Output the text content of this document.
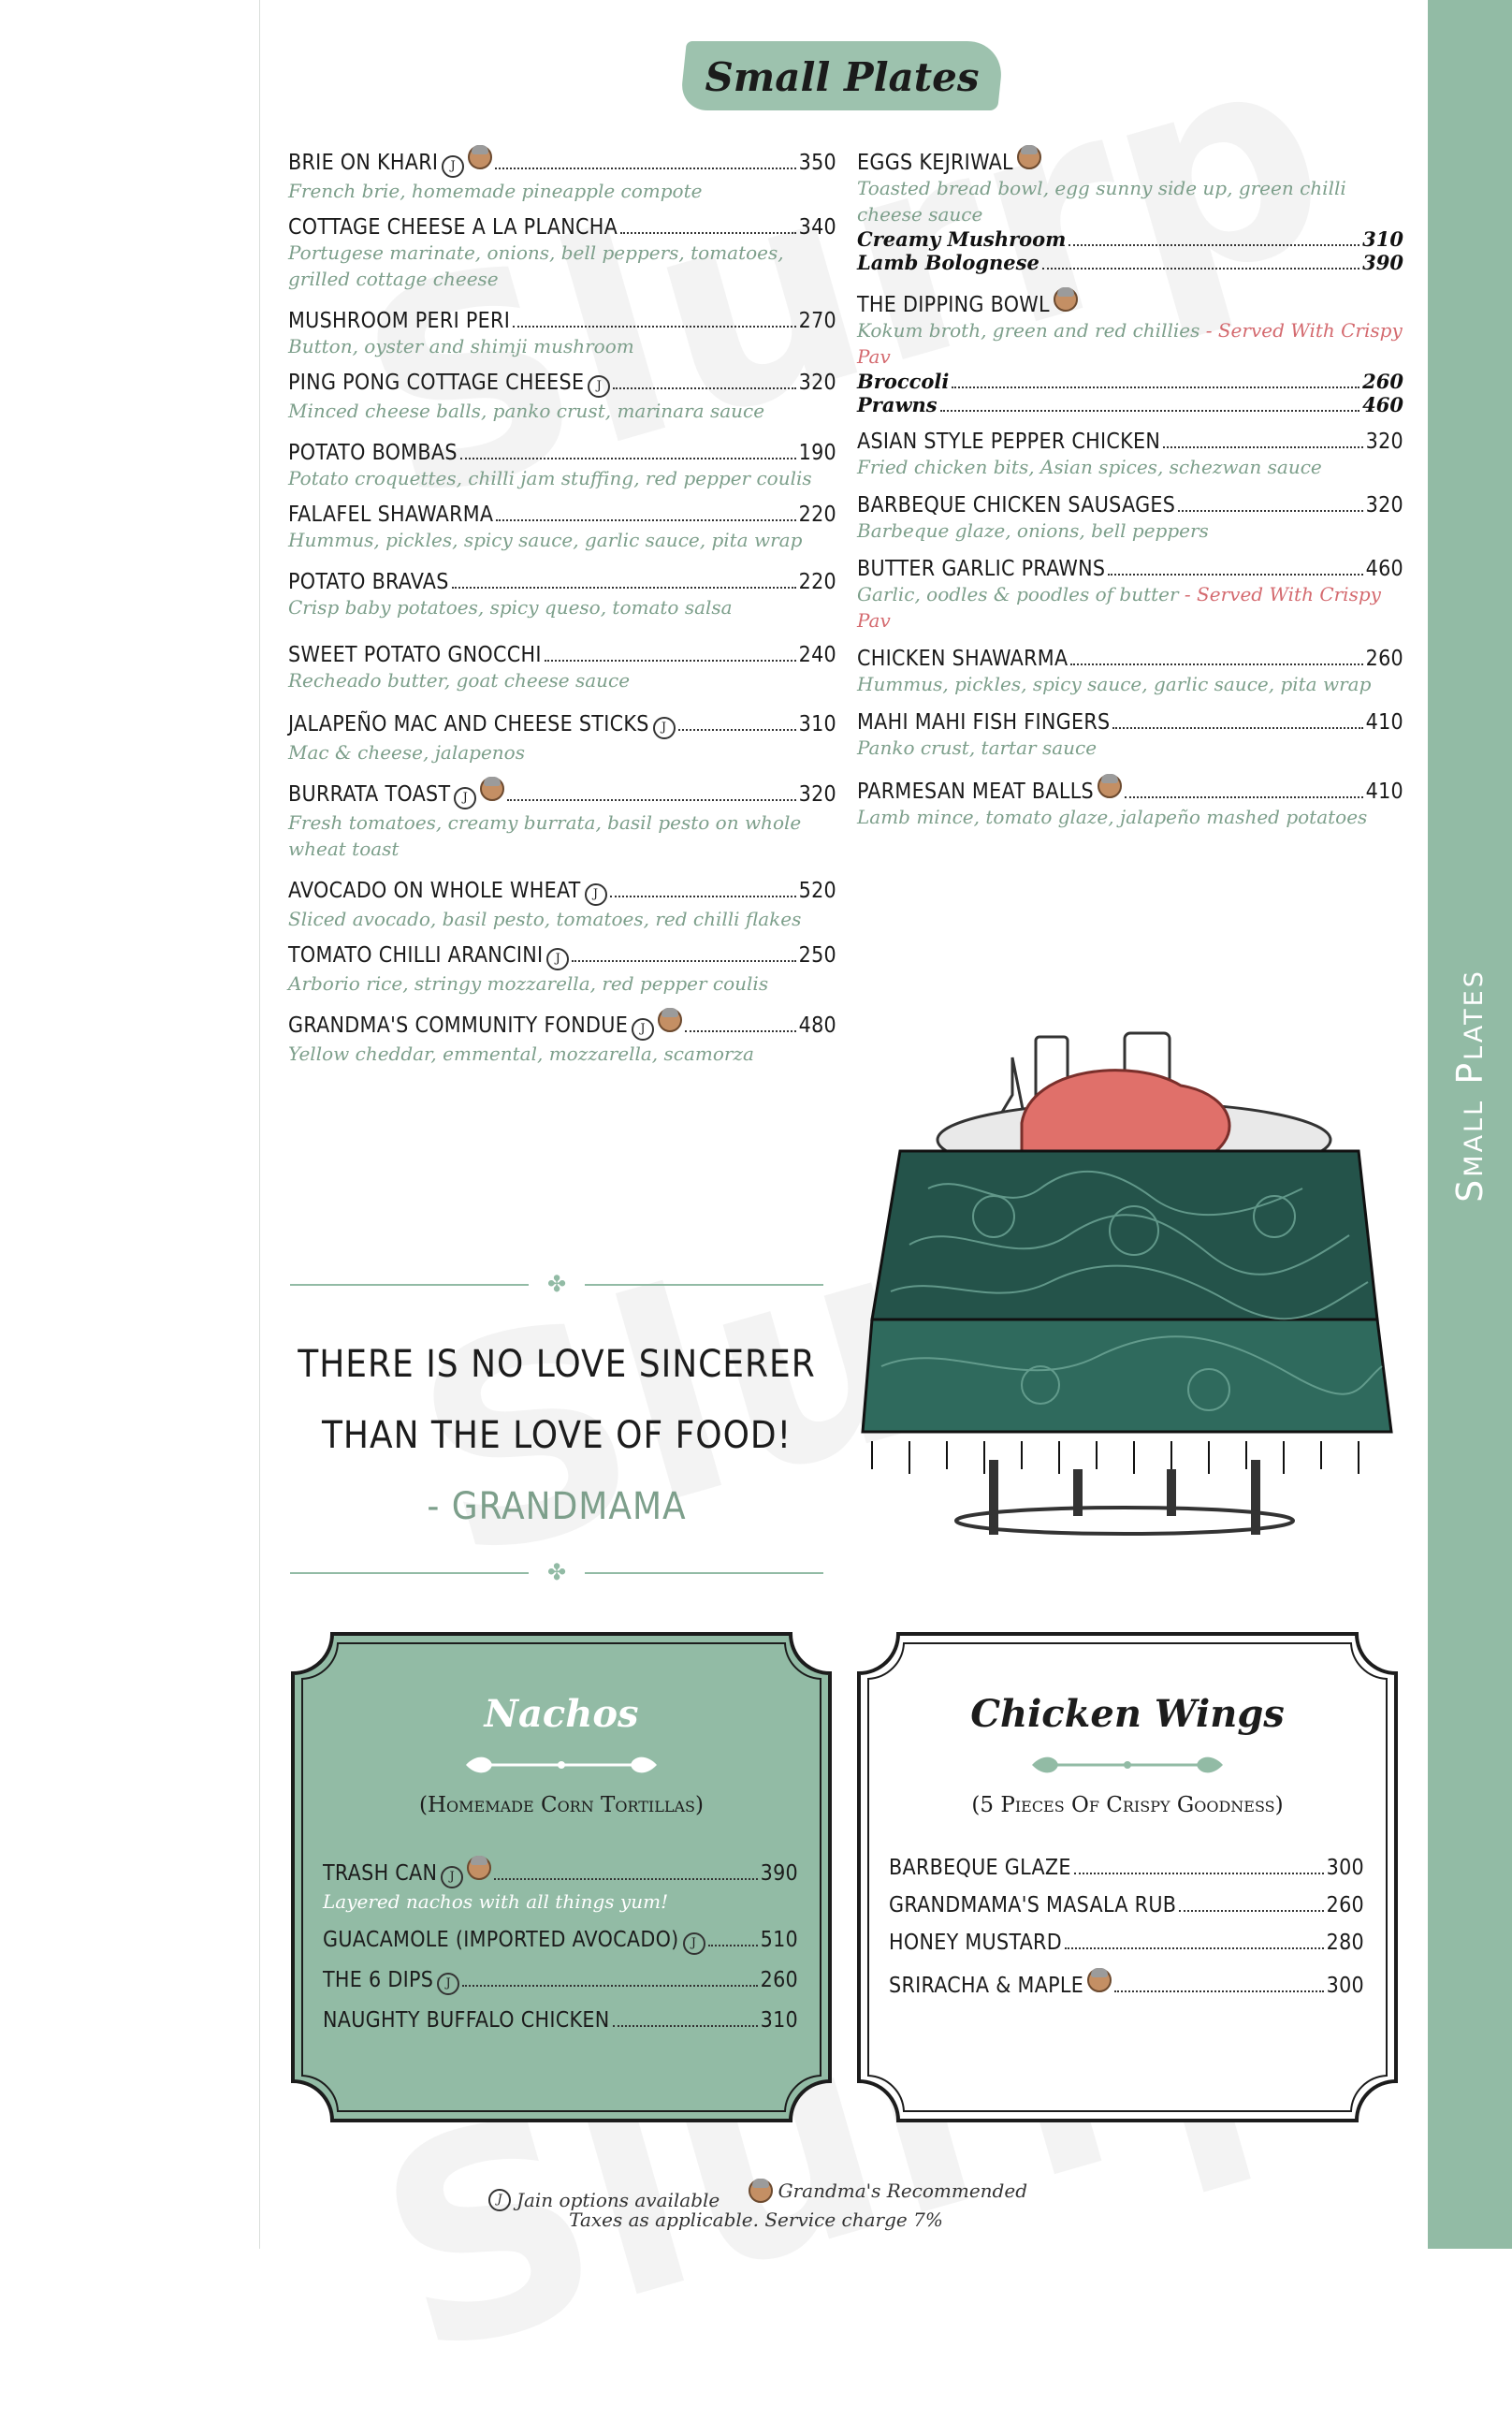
Small Plates
Small Plates
BRIE ON KHARI	J	350
French brie, homemade pineapple compote
COTTAGE CHEESE A LA PLANCHA	340
Portugese marinate, onions, bell peppers, tomatoes, grilled cottage cheese
MUSHROOM PERI PERI	270
Button, oyster and shimji mushroom
PING PONG COTTAGE CHEESE	J	320
Minced cheese balls, panko crust, marinara sauce
POTATO BOMBAS	190
Potato croquettes, chilli jam stuffing, red pepper coulis
FALAFEL SHAWARMA	220
Hummus, pickles, spicy sauce, garlic sauce, pita wrap
POTATO BRAVAS	220
Crisp baby potatoes, spicy queso, tomato salsa
SWEET POTATO GNOCCHI	240
Recheado butter, goat cheese sauce
JALAPEÑO MAC AND CHEESE STICKS	J	310
Mac & cheese, jalapenos
BURRATA TOAST	J	320
Fresh tomatoes, creamy burrata, basil pesto on whole wheat toast
AVOCADO ON WHOLE WHEAT	J	520
Sliced avocado, basil pesto, tomatoes, red chilli flakes
TOMATO CHILLI ARANCINI	J	250
Arborio rice, stringy mozzarella, red pepper coulis
GRANDMA'S COMMUNITY FONDUE	J	480
Yellow cheddar, emmental, mozzarella, scamorza
EGGS KEJRIWAL
Toasted bread bowl, egg sunny side up, green chilli cheese sauce
Creamy Mushroom	310
Lamb Bolognese	390
THE DIPPING BOWL
Kokum broth, green and red chillies - Served With Crispy Pav
Broccoli	260
Prawns	460
ASIAN STYLE PEPPER CHICKEN	320
Fried chicken bits, Asian spices, schezwan sauce
BARBEQUE CHICKEN SAUSAGES	320
Barbeque glaze, onions, bell peppers
BUTTER GARLIC PRAWNS	460
Garlic, oodles & poodles of butter - Served With Crispy Pav
CHICKEN SHAWARMA	260
Hummus, pickles, spicy sauce, garlic sauce, pita wrap
MAHI MAHI FISH FINGERS	410
Panko crust, tartar sauce
PARMESAN MEAT BALLS	410
Lamb mince, tomato glaze, jalapeño mashed potatoes
✤
THERE IS NO LOVE SINCERER
THAN THE LOVE OF FOOD!
- GRANDMAMA
✤
Nachos
(Homemade Corn Tortillas)
TRASH CAN	J	390
Layered nachos with all things yum!
GUACAMOLE (IMPORTED AVOCADO)	J	510
THE 6 DIPS	J	260
NAUGHTY BUFFALO CHICKEN	310
Chicken Wings
(5 Pieces Of Crispy Goodness)
BARBEQUE GLAZE	300
GRANDMAMA'S MASALA RUB	260
HONEY MUSTARD	280
SRIRACHA & MAPLE	300
J Jain options available
	Grandma's Recommended
Taxes as applicable. Service charge 7%
